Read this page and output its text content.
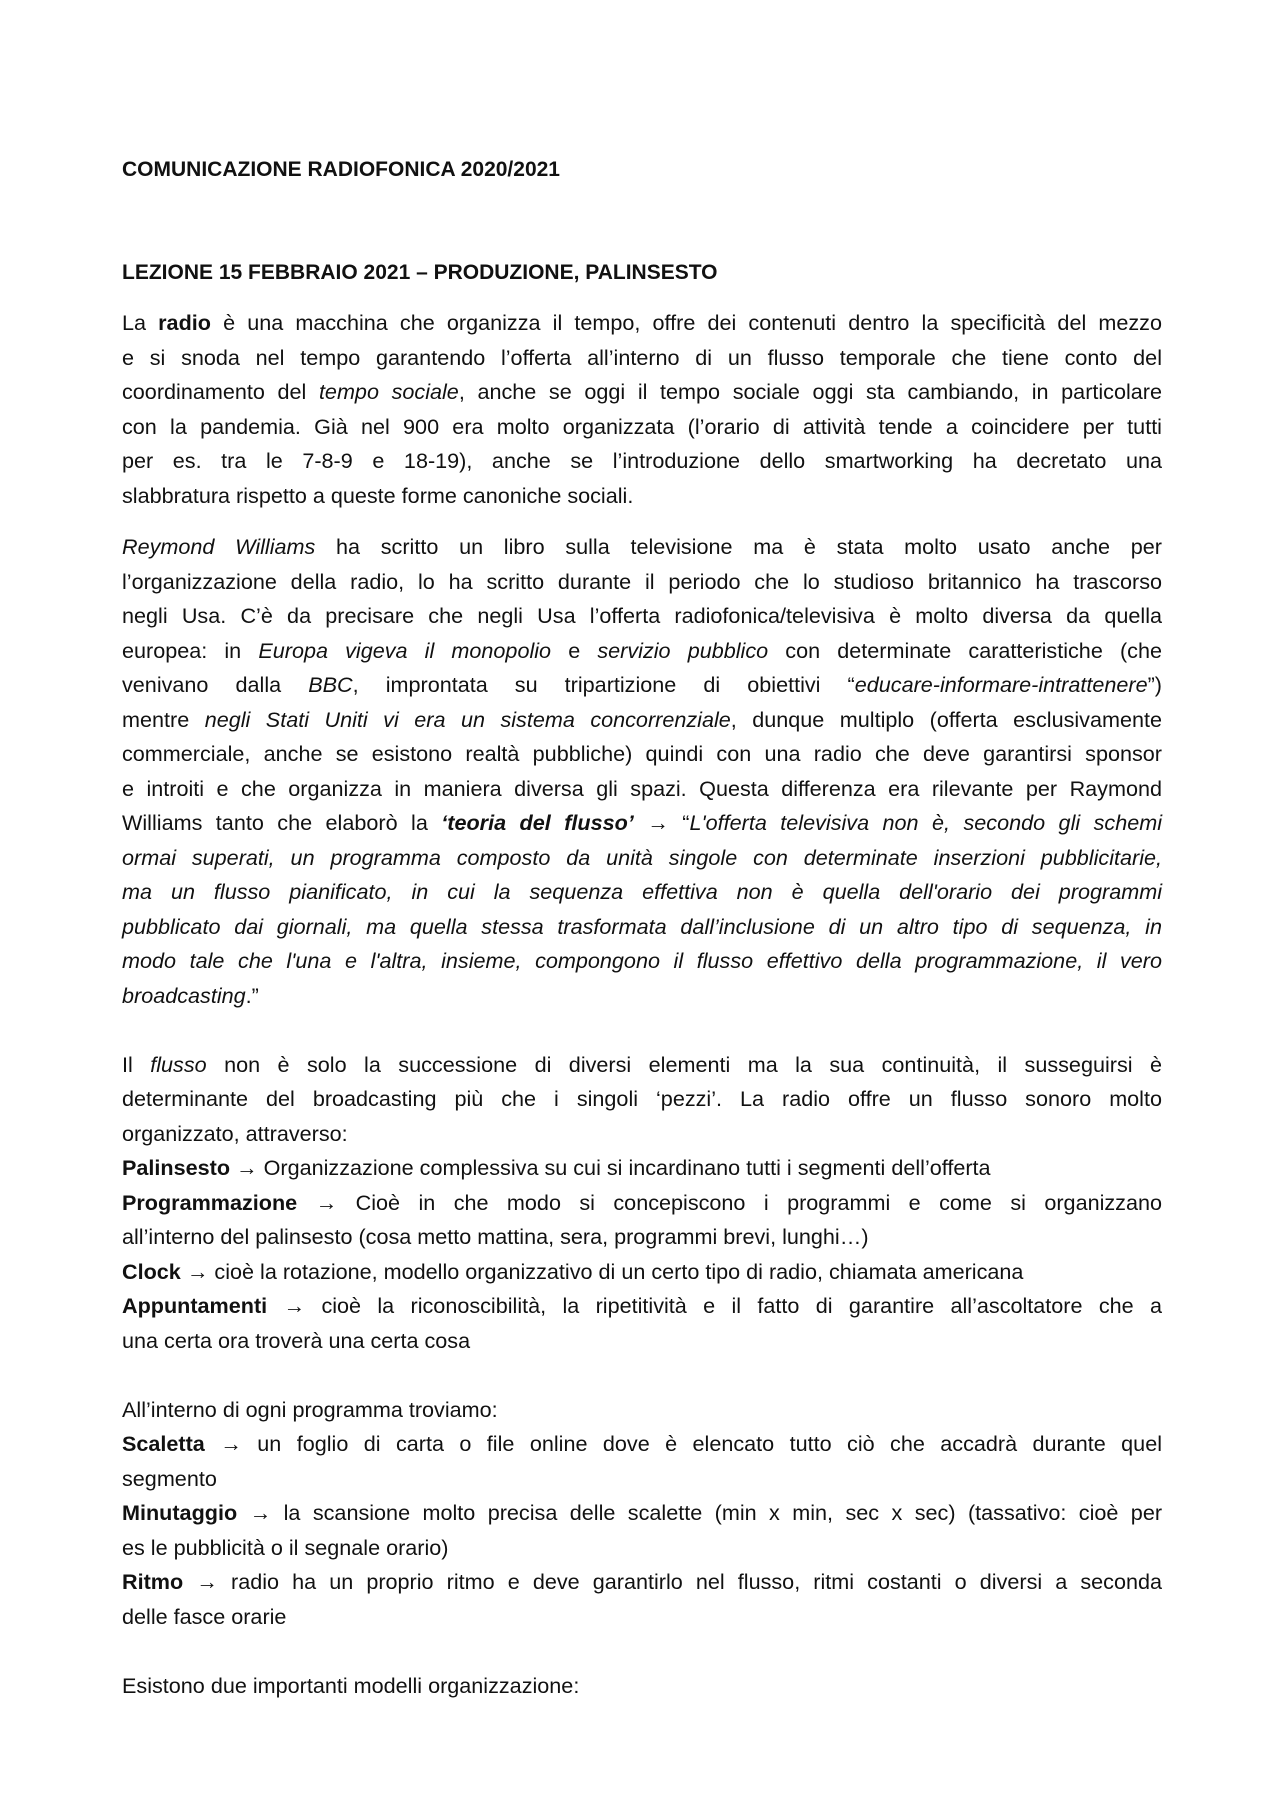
COMUNICAZIONE RADIOFONICA 2020/2021
LEZIONE 15 FEBBRAIO 2021 – PRODUZIONE, PALINSESTO

La radio è una macchina che organizza il tempo, offre dei contenuti dentro la specificità del mezzo
e si snoda nel tempo garantendo l’offerta all’interno di un flusso temporale che tiene conto del
coordinamento del tempo sociale, anche se oggi il tempo sociale oggi sta cambiando, in particolare
con la pandemia. Già nel 900 era molto organizzata (l’orario di attività tende a coincidere per tutti
per es. tra le 7-8-9 e 18-19), anche se l’introduzione dello smartworking ha decretato una
slabbratura rispetto a queste forme canoniche sociali.

Reymond Williams ha scritto un libro sulla televisione ma è stata molto usato anche per
l’organizzazione della radio, lo ha scritto durante il periodo che lo studioso britannico ha trascorso
negli Usa. C’è da precisare che negli Usa l’offerta radiofonica/televisiva è molto diversa da quella
europea: in Europa vigeva il monopolio e servizio pubblico con determinate caratteristiche (che
venivano dalla BBC, improntata su tripartizione di obiettivi “educare-informare-intrattenere”)
mentre negli Stati Uniti vi era un sistema concorrenziale, dunque multiplo (offerta esclusivamente
commerciale, anche se esistono realtà pubbliche) quindi con una radio che deve garantirsi sponsor
e introiti e che organizza in maniera diversa gli spazi. Questa differenza era rilevante per Raymond
Williams tanto che elaborò la ‘teoria del flusso’ → “L'offerta televisiva non è, secondo gli schemi
ormai superati, un programma composto da unità singole con determinate inserzioni pubblicitarie,
ma un flusso pianificato, in cui la sequenza effettiva non è quella dell'orario dei programmi
pubblicato dai giornali, ma quella stessa trasformata dall’inclusione di un altro tipo di sequenza, in
modo tale che l'una e l'altra, insieme, compongono il flusso effettivo della programmazione, il vero
broadcasting.”

Il flusso non è solo la successione di diversi elementi ma la sua continuità, il susseguirsi è
determinante del broadcasting più che i singoli ‘pezzi’. La radio offre un flusso sonoro molto
organizzato, attraverso:

Palinsesto → Organizzazione complessiva su cui si incardinano tutti i segmenti dell’offerta

Programmazione → Cioè in che modo si concepiscono i programmi e come si organizzano
all’interno del palinsesto (cosa metto mattina, sera, programmi brevi, lunghi…)

Clock → cioè la rotazione, modello organizzativo di un certo tipo di radio, chiamata americana

Appuntamenti → cioè la riconoscibilità, la ripetitività e il fatto di garantire all’ascoltatore che a
una certa ora troverà una certa cosa

All’interno di ogni programma troviamo:

Scaletta → un foglio di carta o file online dove è elencato tutto ciò che accadrà durante quel
segmento

Minutaggio → la scansione molto precisa delle scalette (min x min, sec x sec) (tassativo: cioè per
es le pubblicità o il segnale orario)

Ritmo → radio ha un proprio ritmo e deve garantirlo nel flusso, ritmi costanti o diversi a seconda
delle fasce orarie

Esistono due importanti modelli organizzazione:
